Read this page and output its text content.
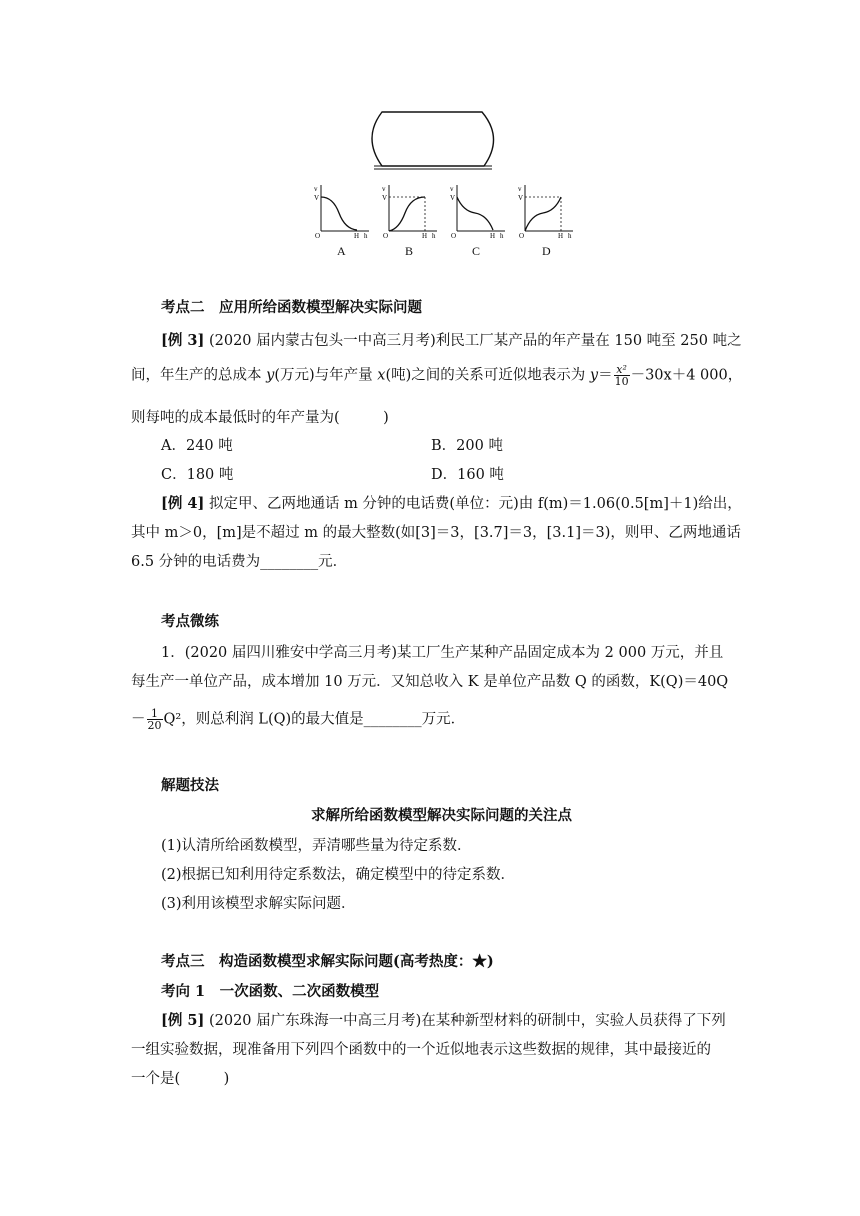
v
V
O	H h
v
V
O	H h
v
V
O	H h
v
V
O	H h
A	B	C	D
考点二　应用所给函数模型解决实际问题
[例 3] (2020 届内蒙古包头一中高三月考)利民工厂某产品的年产量在 150 吨至 250 吨之
间，年生产的总成本 y(万元)与年产量 x(吨)之间的关系可近似地表示为 $y= \frac{\text{x²}}{10} -30x+4$ 000，
则每吨的成本最低时的年产量为(　　　)
A．240 吨	B．200 吨
C．180 吨	D．160 吨
[例 4] 拟定甲、乙两地通话 m 分钟的电话费(单位：元)由 f(m)＝1.06(0.5[m]＋1)给出，
其中 m＞0，[m]是不超过 m 的最大整数(如[3]＝3，[3.7]＝3，[3.1]＝3)，则甲、乙两地通话
6.5 分钟的电话费为________元．
考点微练
1．(2020 届四川雅安中学高三月考)某工厂生产某种产品固定成本为 2 000 万元，并且
每生产一单位产品，成本增加 10 万元．又知总收入 K 是单位产品数 Q 的函数，K(Q)＝40Q
－ $\frac{1}{20} Q^2$，则总利润 L(Q)的最大值是________万元．
解题技法
求解所给函数模型解决实际问题的关注点
(1)认清所给函数模型，弄清哪些量为待定系数．
(2)根据已知利用待定系数法，确定模型中的待定系数．
(3)利用该模型求解实际问题．
考点三　构造函数模型求解实际问题(高考热度：★)
考向 1　一次函数、二次函数模型
[例 5] (2020 届广东珠海一中高三月考)在某种新型材料的研制中，实验人员获得了下列
一组实验数据，现准备用下列四个函数中的一个近似地表示这些数据的规律，其中最接近的
一个是(　　　)
